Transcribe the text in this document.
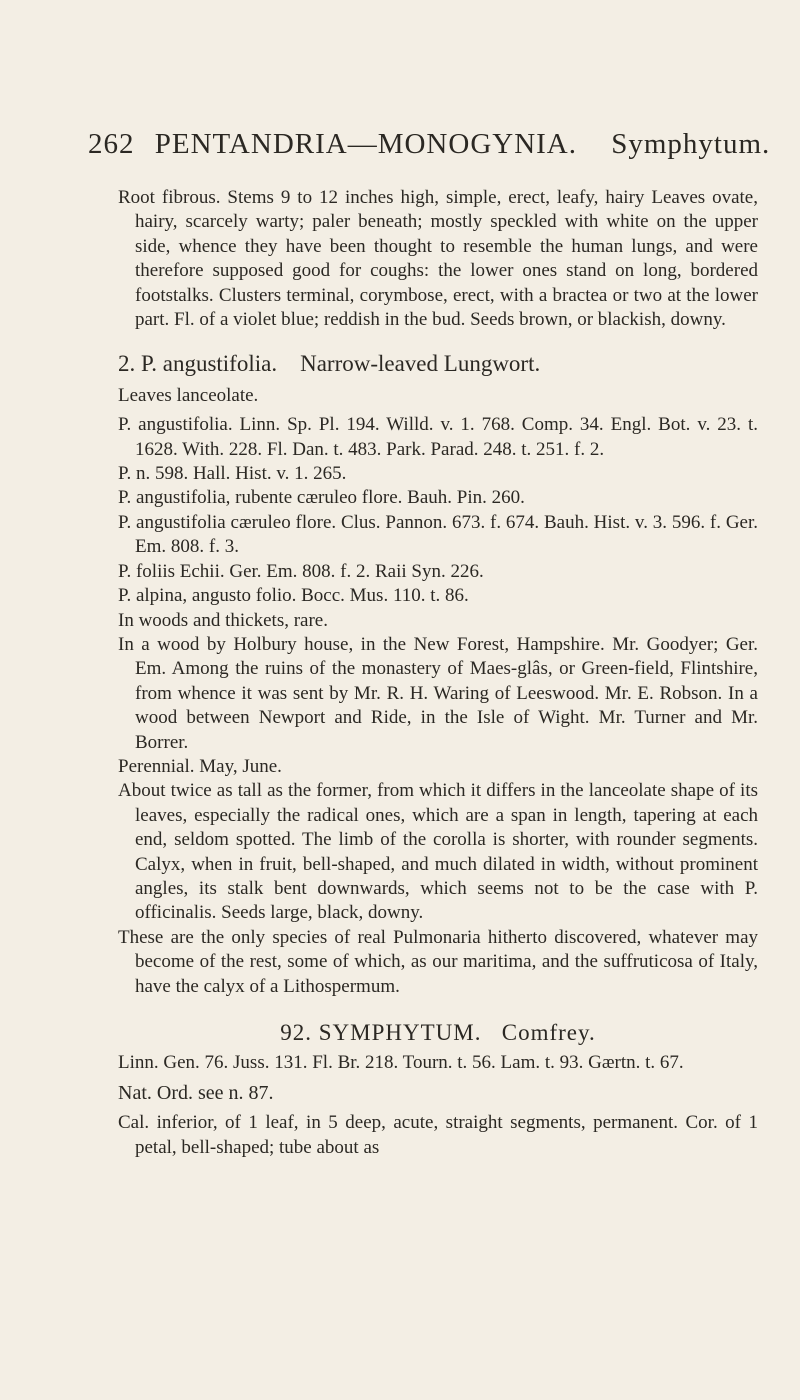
262 PENTANDRIA—MONOGYNIA. Symphytum.

Root fibrous. Stems 9 to 12 inches high, simple, erect, leafy, hairy Leaves ovate, hairy, scarcely warty; paler beneath; mostly speckled with white on the upper side, whence they have been thought to resemble the human lungs, and were therefore supposed good for coughs: the lower ones stand on long, bordered footstalks. Clusters terminal, corymbose, erect, with a bractea or two at the lower part. Fl. of a violet blue; reddish in the bud. Seeds brown, or blackish, downy.

2. P. angustifolia. Narrow-leaved Lungwort.

Leaves lanceolate.

P. angustifolia. Linn. Sp. Pl. 194. Willd. v. 1. 768. Comp. 34. Engl. Bot. v. 23. t. 1628. With. 228. Fl. Dan. t. 483. Park. Parad. 248. t. 251. f. 2.

P. n. 598. Hall. Hist. v. 1. 265.

P. angustifolia, rubente cæruleo flore. Bauh. Pin. 260.

P. angustifolia cæruleo flore. Clus. Pannon. 673. f. 674. Bauh. Hist. v. 3. 596. f. Ger. Em. 808. f. 3.

P. foliis Echii. Ger. Em. 808. f. 2. Raii Syn. 226.

P. alpina, angusto folio. Bocc. Mus. 110. t. 86.

In woods and thickets, rare.

In a wood by Holbury house, in the New Forest, Hampshire. Mr. Goodyer; Ger. Em. Among the ruins of the monastery of Maes-glâs, or Green-field, Flintshire, from whence it was sent by Mr. R. H. Waring of Leeswood. Mr. E. Robson. In a wood between Newport and Ride, in the Isle of Wight. Mr. Turner and Mr. Borrer.

Perennial. May, June.

About twice as tall as the former, from which it differs in the lanceolate shape of its leaves, especially the radical ones, which are a span in length, tapering at each end, seldom spotted. The limb of the corolla is shorter, with rounder segments. Calyx, when in fruit, bell-shaped, and much dilated in width, without prominent angles, its stalk bent downwards, which seems not to be the case with P. officinalis. Seeds large, black, downy.

These are the only species of real Pulmonaria hitherto discovered, whatever may become of the rest, some of which, as our maritima, and the suffruticosa of Italy, have the calyx of a Lithospermum.

92. SYMPHYTUM. Comfrey.

Linn. Gen. 76. Juss. 131. Fl. Br. 218. Tourn. t. 56. Lam. t. 93. Gærtn. t. 67.

Nat. Ord. see n. 87.

Cal. inferior, of 1 leaf, in 5 deep, acute, straight segments, permanent. Cor. of 1 petal, bell-shaped; tube about as
